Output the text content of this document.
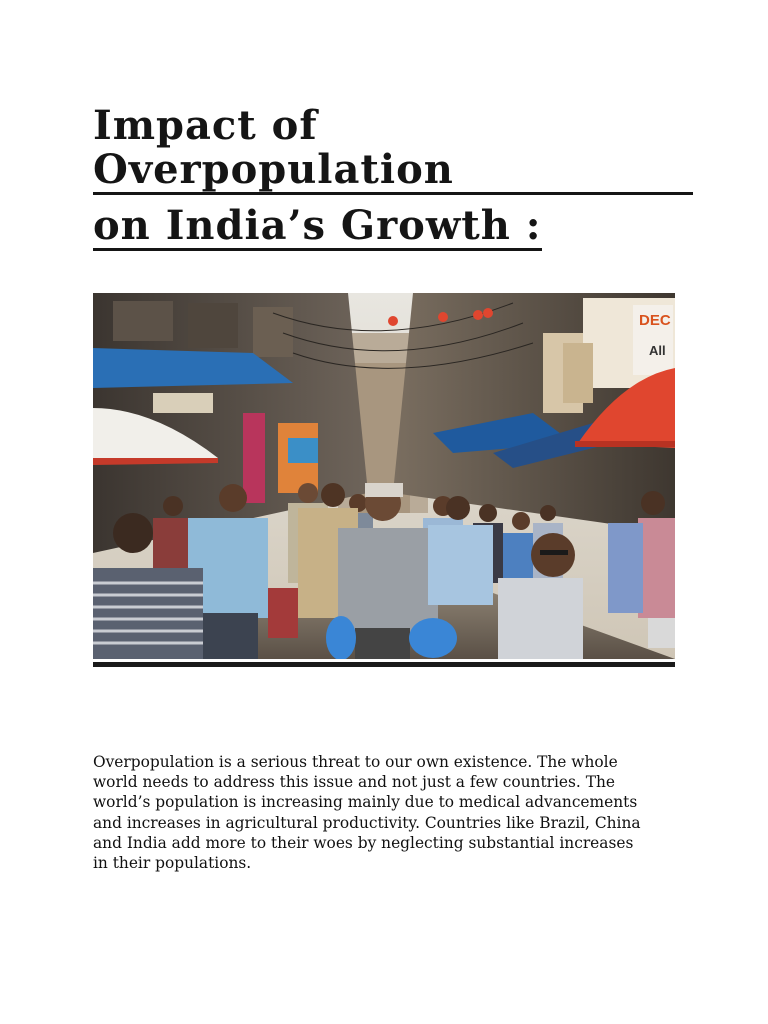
Impact of Overpopulation
on India’s Growth :
DEC
All

Overpopulation is a serious threat to our own existence. The whole
world needs to address this issue and not just a few countries. The
world’s population is increasing mainly due to medical advancements
and increases in agricultural productivity. Countries like Brazil, China
and India add more to their woes by neglecting substantial increases
in their populations.
